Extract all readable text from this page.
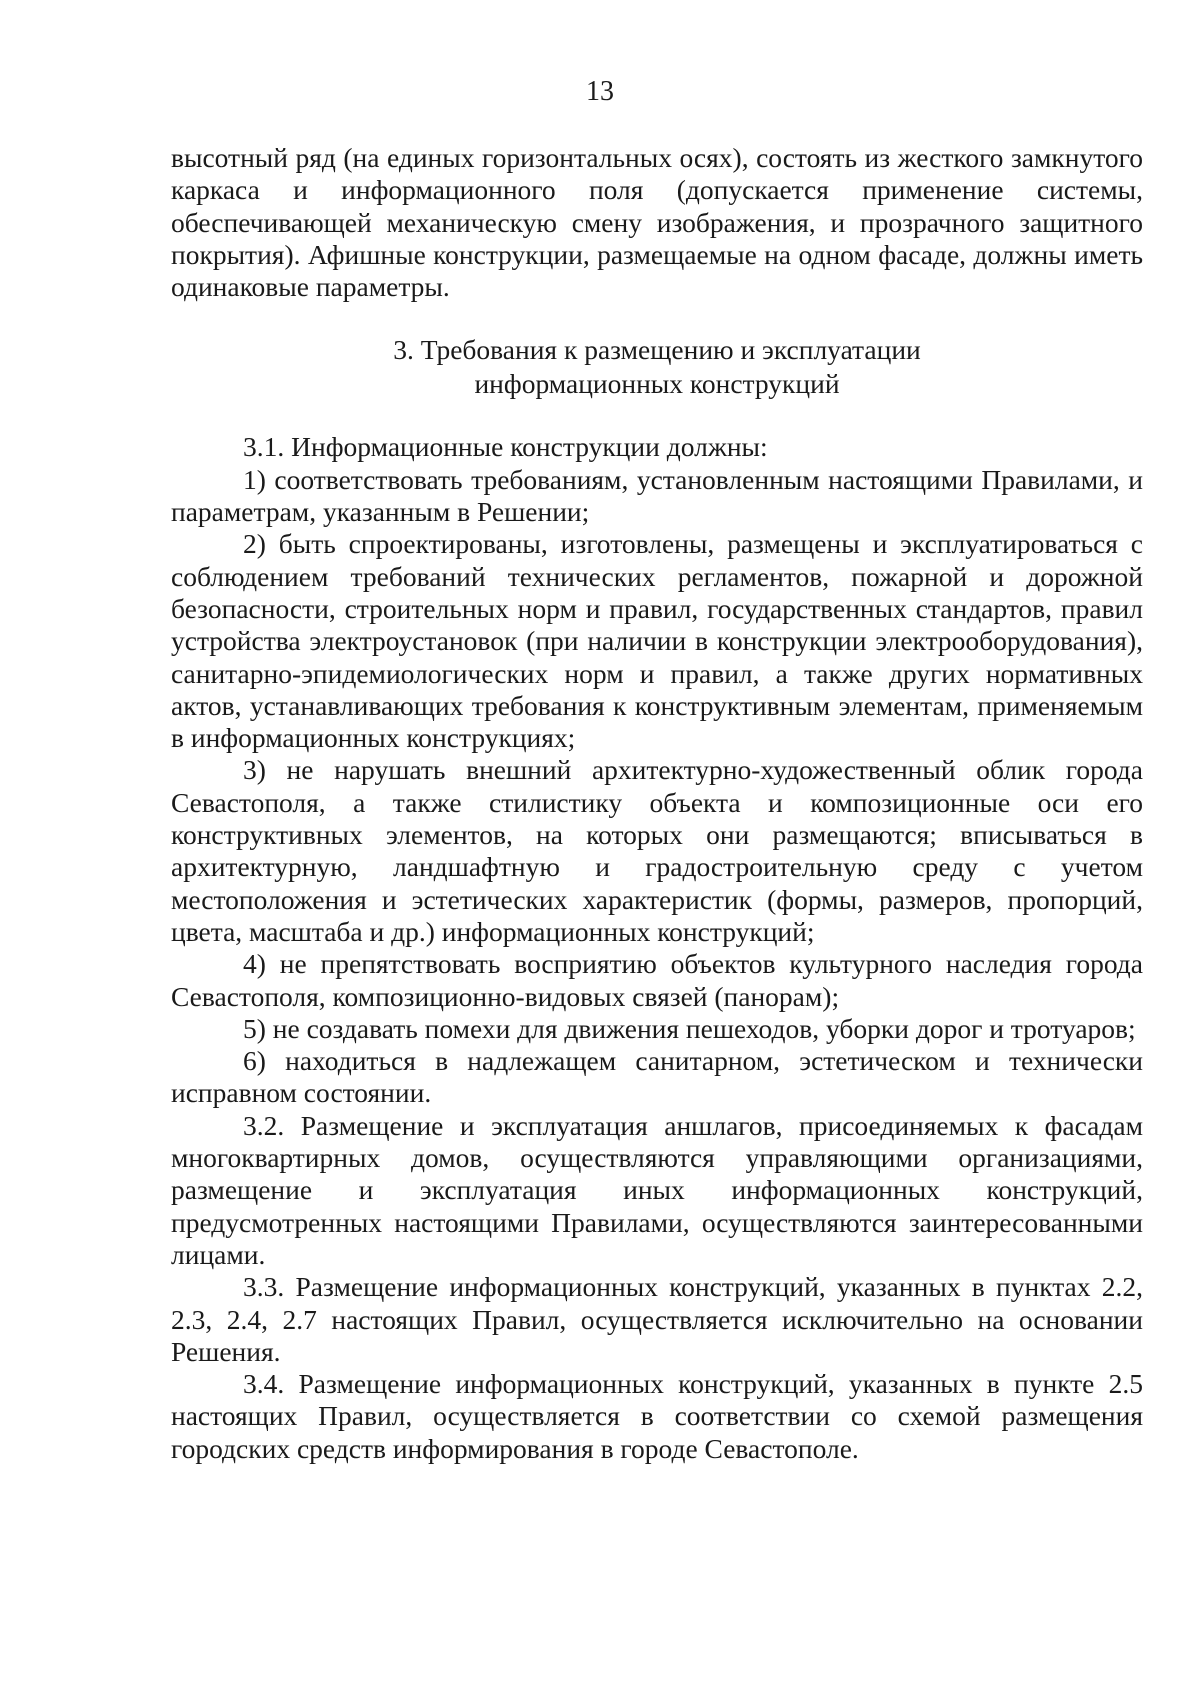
13

высотный ряд (на единых горизонтальных осях), состоять из жесткого замкнутого каркаса и информационного поля (допускается применение системы, обеспечивающей механическую смену изображения, и прозрачного защитного покрытия). Афишные конструкции, размещаемые на одном фасаде, должны иметь одинаковые параметры.

3. Требования к размещению и эксплуатации
информационных конструкций

3.1. Информационные конструкции должны:

1) соответствовать требованиям, установленным настоящими Правилами, и параметрам, указанным в Решении;

2) быть спроектированы, изготовлены, размещены и эксплуатироваться с соблюдением требований технических регламентов, пожарной и дорожной безопасности, строительных норм и правил, государственных стандартов, правил устройства электроустановок (при наличии в конструкции электрооборудования), санитарно-эпидемиологических норм и правил, а также других нормативных актов, устанавливающих требования к конструктивным элементам, применяемым в информационных конструкциях;

3) не нарушать внешний архитектурно-художественный облик города Севастополя, а также стилистику объекта и композиционные оси его конструктивных элементов, на которых они размещаются; вписываться в архитектурную, ландшафтную и градостроительную среду с учетом местоположения и эстетических характеристик (формы, размеров, пропорций, цвета, масштаба и др.) информационных конструкций;

4) не препятствовать восприятию объектов культурного наследия города Севастополя, композиционно-видовых связей (панорам);

5) не создавать помехи для движения пешеходов, уборки дорог и тротуаров;

6) находиться в надлежащем санитарном, эстетическом и технически исправном состоянии.

3.2. Размещение и эксплуатация аншлагов, присоединяемых к фасадам многоквартирных домов, осуществляются управляющими организациями, размещение и эксплуатация иных информационных конструкций, предусмотренных настоящими Правилами, осуществляются заинтересованными лицами.

3.3. Размещение информационных конструкций, указанных в пунктах 2.2, 2.3, 2.4, 2.7 настоящих Правил, осуществляется исключительно на основании Решения.

3.4. Размещение информационных конструкций, указанных в пункте 2.5 настоящих Правил, осуществляется в соответствии со схемой размещения городских средств информирования в городе Севастополе.
